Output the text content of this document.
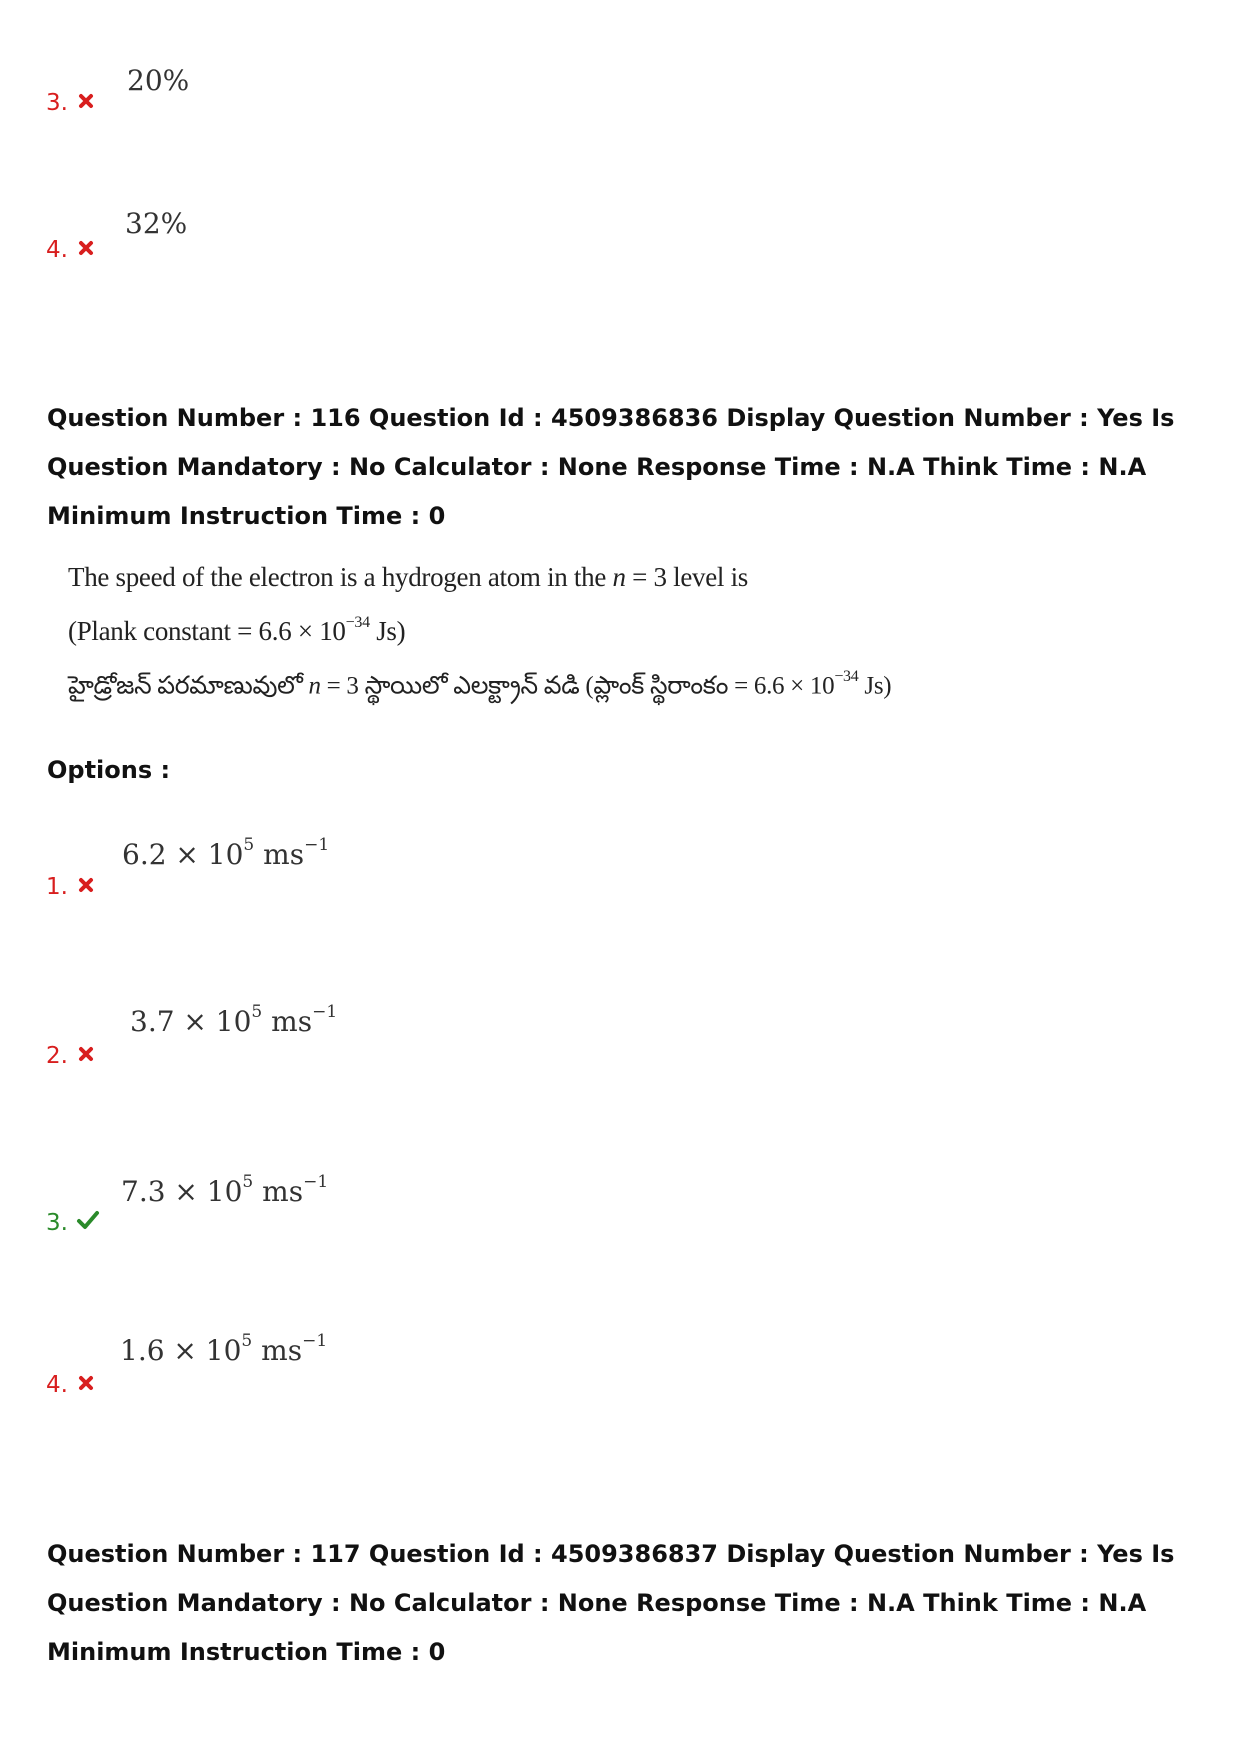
3.
20%
4.
32%
Question Number : 116 Question Id : 4509386836 Display Question Number : Yes Is Question Mandatory : No Calculator : None Response Time : N.A Think Time : N.A Minimum Instruction Time : 0
The speed of the electron is a hydrogen atom in the n = 3 level is
(Plank constant = $6.6 \times 10^{-34}$ Js)
హైడ్రోజన్ పరమాణువులో n = 3 స్థాయిలో ఎలక్ట్రాన్ వడి (ప్లాంక్ స్థిరాంకం = $6.6 \times 10^{-34}$ Js)
Options :
1.
$6.2 \times 10^5$ $ms^{-1}$
2.
$3.7 \times 10^5$ $ms^{-1}$
3.
$7.3 \times 10^5$ $ms^{-1}$
4.
$1.6 \times 10^5$ $ms^{-1}$
Question Number : 117 Question Id : 4509386837 Display Question Number : Yes Is Question Mandatory : No Calculator : None Response Time : N.A Think Time : N.A Minimum Instruction Time : 0
